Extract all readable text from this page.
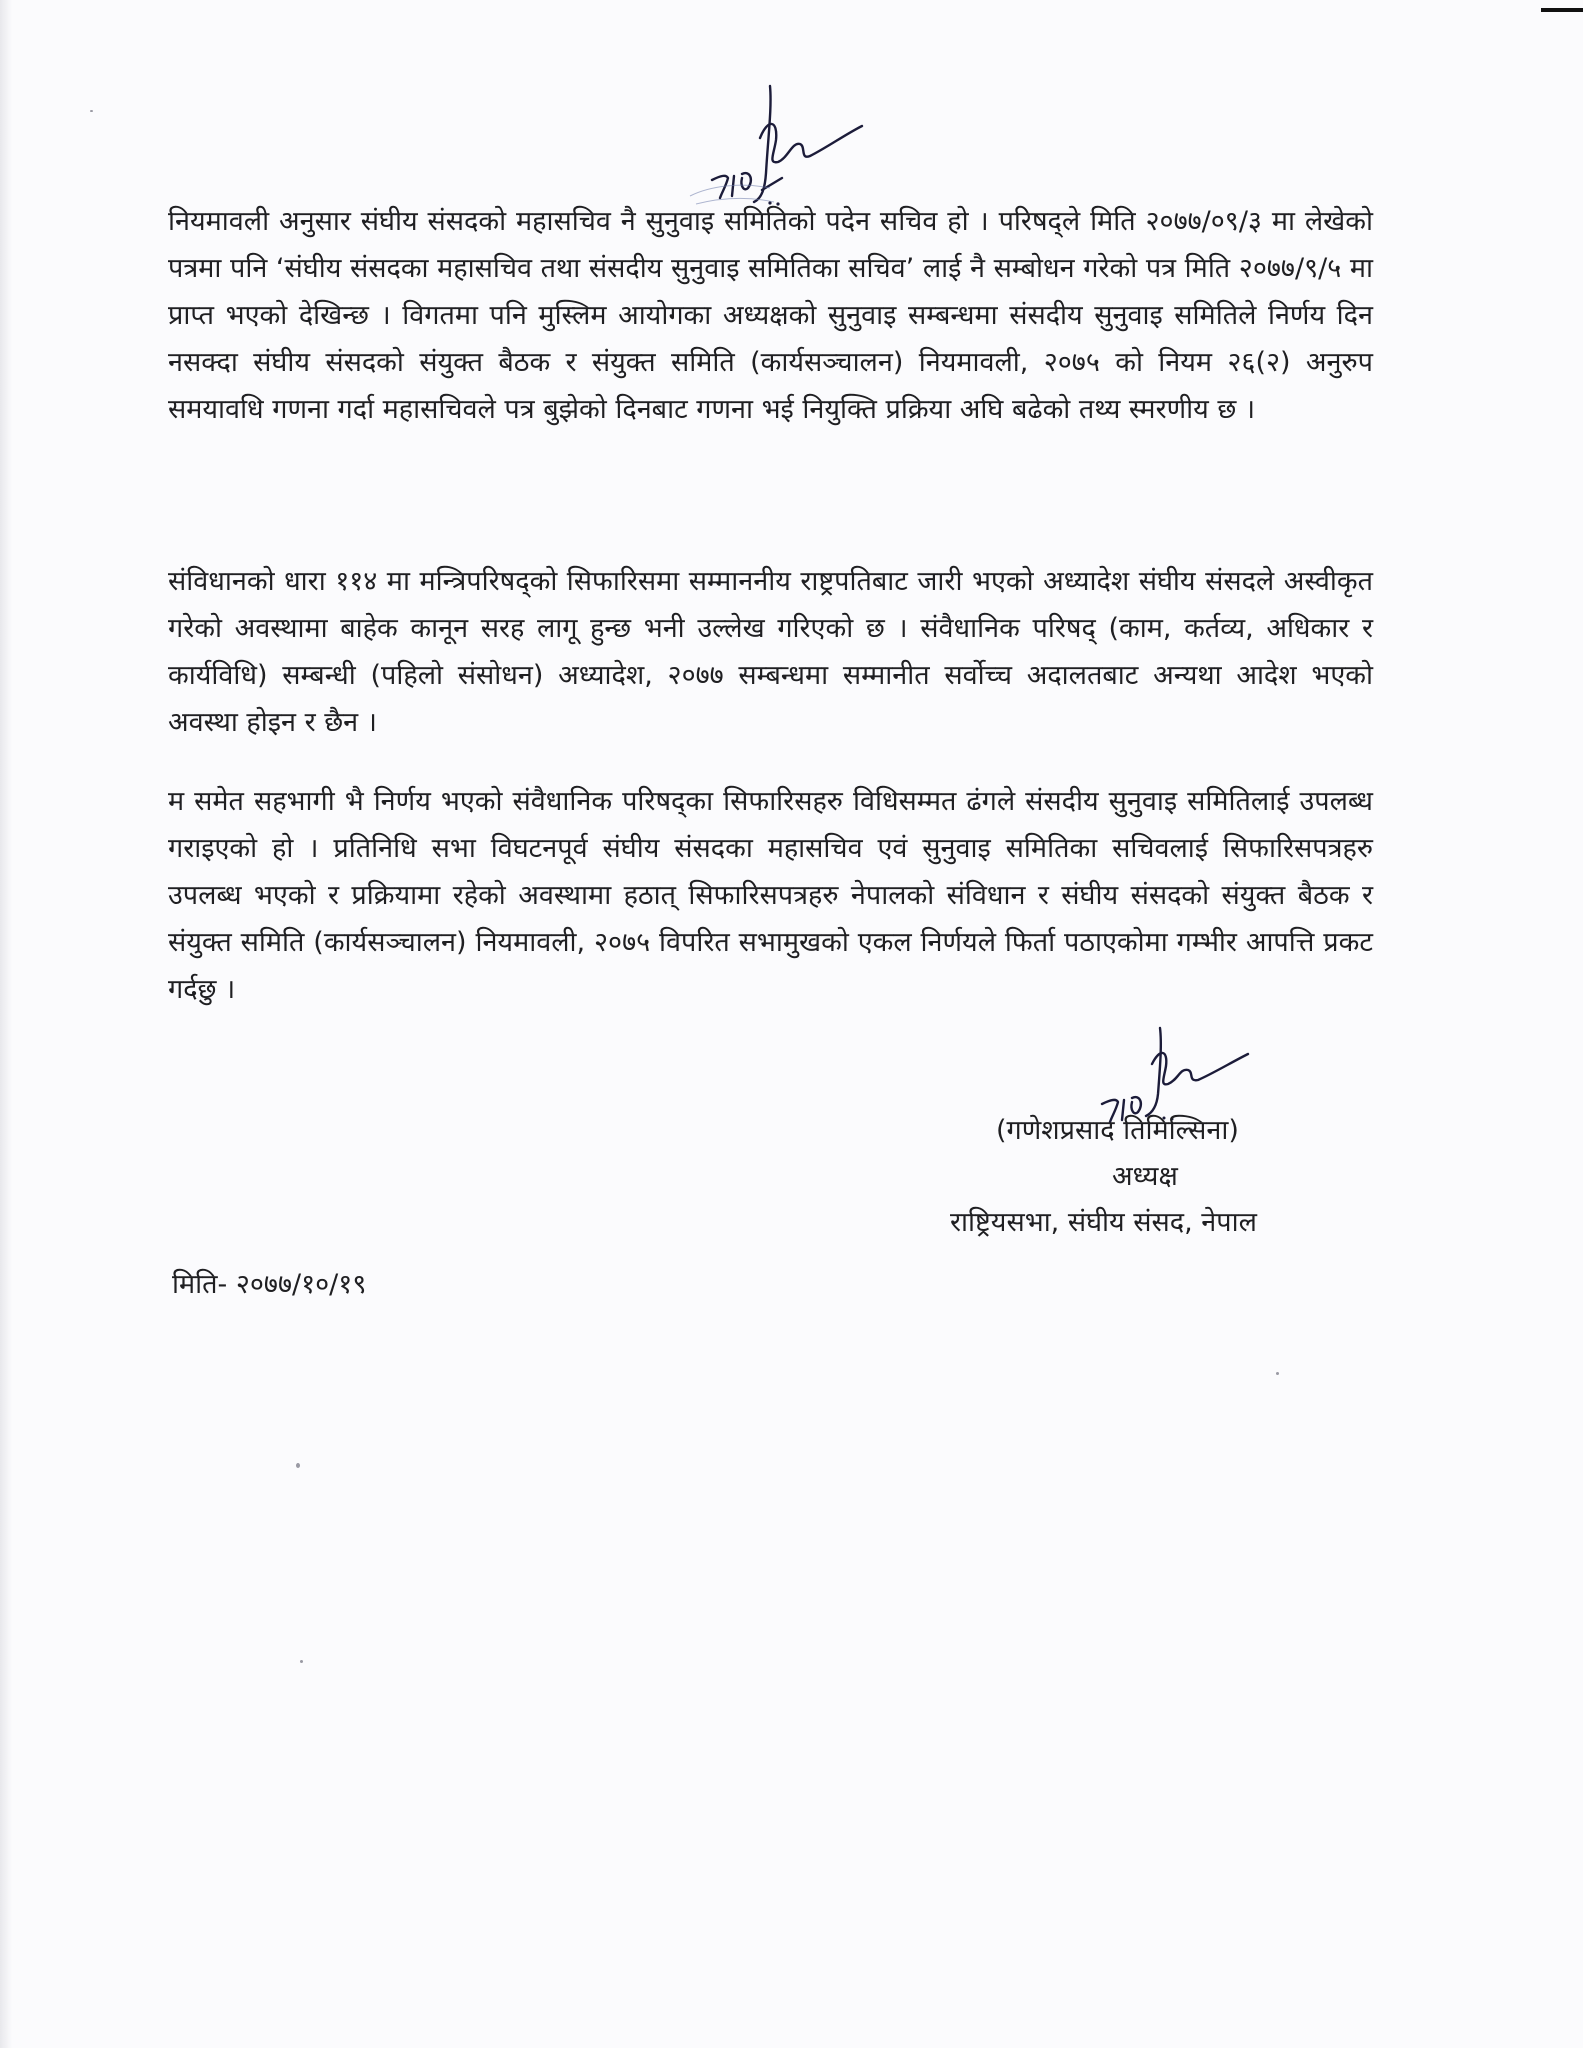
नियमावली अनुसार संघीय संसदको महासचिव नै सुनुवाइ समितिको पदेन सचिव हो । परिषद्ले मिति २०७७/०९/३ मा लेखेको पत्रमा पनि ‘संघीय संसदका महासचिव तथा संसदीय सुनुवाइ समितिका सचिव’ लाई नै सम्बोधन गरेको पत्र मिति २०७७/९/५ मा प्राप्त भएको देखिन्छ । विगतमा पनि मुस्लिम आयोगका अध्यक्षको सुनुवाइ सम्बन्धमा संसदीय सुनुवाइ समितिले निर्णय दिन नसक्दा संघीय संसदको संयुक्त बैठक र संयुक्त समिति (कार्यसञ्चालन) नियमावली, २०७५ को नियम २६(२) अनुरुप समयावधि गणना गर्दा महासचिवले पत्र बुझेको दिनबाट गणना भई नियुक्ति प्रक्रिया अघि बढेको तथ्य स्मरणीय छ ।

संविधानको धारा ११४ मा मन्त्रिपरिषद्को सिफारिसमा सम्माननीय राष्ट्रपतिबाट जारी भएको अध्यादेश संघीय संसदले अस्वीकृत गरेको अवस्थामा बाहेक कानून सरह लागू हुन्छ भनी उल्लेख गरिएको छ । संवैधानिक परिषद् (काम, कर्तव्य, अधिकार र कार्यविधि) सम्बन्धी (पहिलो संसोधन) अध्यादेश, २०७७ सम्बन्धमा सम्मानीत सर्वोच्च अदालतबाट अन्यथा आदेश भएको अवस्था होइन र छैन ।

म समेत सहभागी भै निर्णय भएको संवैधानिक परिषद्का सिफारिसहरु विधिसम्मत ढंगले संसदीय सुनुवाइ समितिलाई उपलब्ध गराइएको हो । प्रतिनिधि सभा विघटनपूर्व संघीय संसदका महासचिव एवं सुनुवाइ समितिका सचिवलाई सिफारिसपत्रहरु उपलब्ध भएको र प्रक्रियामा रहेको अवस्थामा हठात् सिफारिसपत्रहरु नेपालको संविधान र संघीय संसदको संयुक्त बैठक र संयुक्त समिति (कार्यसञ्चालन) नियमावली, २०७५ विपरित सभामुखको एकल निर्णयले फिर्ता पठाएकोमा गम्भीर आपत्ति प्रकट गर्दछु ।

(गणेशप्रसाद तिमिल्सिना)

अध्यक्ष

राष्ट्रियसभा, संघीय संसद, नेपाल

मिति- २०७७/१०/१९
